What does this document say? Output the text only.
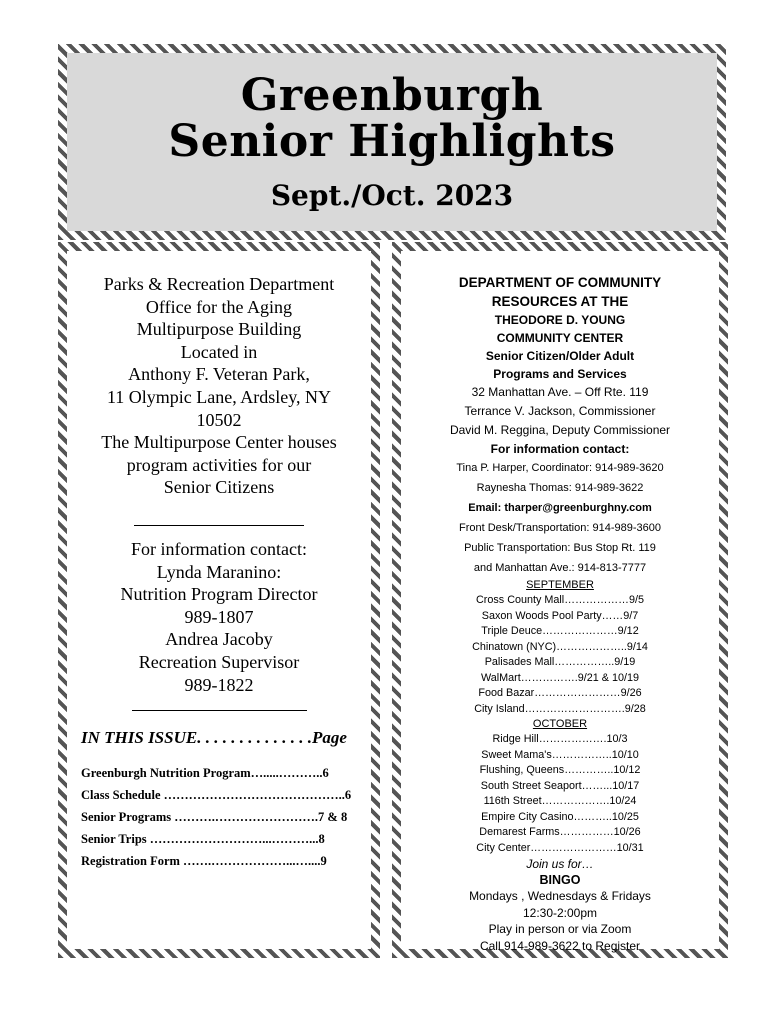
Greenburgh
Senior Highlights
Sept./Oct. 2023
Parks & Recreation Department
Office for the Aging
Multipurpose Building
Located in
Anthony F. Veteran Park,
11 Olympic Lane, Ardsley, NY
10502
The Multipurpose Center houses
program activities for our
Senior Citizens
For information contact:
Lynda Maranino:
Nutrition Program Director
989-1807
Andrea Jacoby
Recreation Supervisor
989-1822
IN THIS ISSUE. . . . . . . . . . . . . .Page
Greenburgh Nutrition Program….....………..6
Class Schedule ……………………………………..6
Senior Programs ……….…………………….7 & 8
Senior Trips ………………………...………...8
Registration Form …….………………...…....9
DEPARTMENT OF COMMUNITY
RESOURCES AT THE
THEODORE D. YOUNG
COMMUNITY CENTER
Senior Citizen/Older Adult
Programs and Services
32 Manhattan Ave. – Off Rte. 119
Terrance V. Jackson, Commissioner
David M. Reggina, Deputy Commissioner
For information contact:
Tina P. Harper, Coordinator: 914-989-3620
Raynesha Thomas: 914-989-3622
Email: tharper@greenburghny.com
Front Desk/Transportation: 914-989-3600
Public Transportation: Bus Stop Rt. 119
and Manhattan Ave.: 914-813-7777
SEPTEMBER
Cross County Mall………………9/5
Saxon Woods Pool Party……9/7
Triple Deuce…………………9/12
Chinatown (NYC)………………..9/14
Palisades Mall……………..9/19
WalMart…………….9/21 & 10/19
Food Bazar……………………9/26
City Island……………………….9/28
OCTOBER
Ridge Hill……………….10/3
Sweet Mama's……………..10/10
Flushing, Queens…………..10/12
South Street Seaport……...10/17
116th Street……………….10/24
Empire City Casino………..10/25
Demarest Farms……………10/26
City Center……………………10/31
Join us for…
BINGO
Mondays , Wednesdays & Fridays
12:30-2:00pm
Play in person or via Zoom
Call 914-989-3622 to Register
